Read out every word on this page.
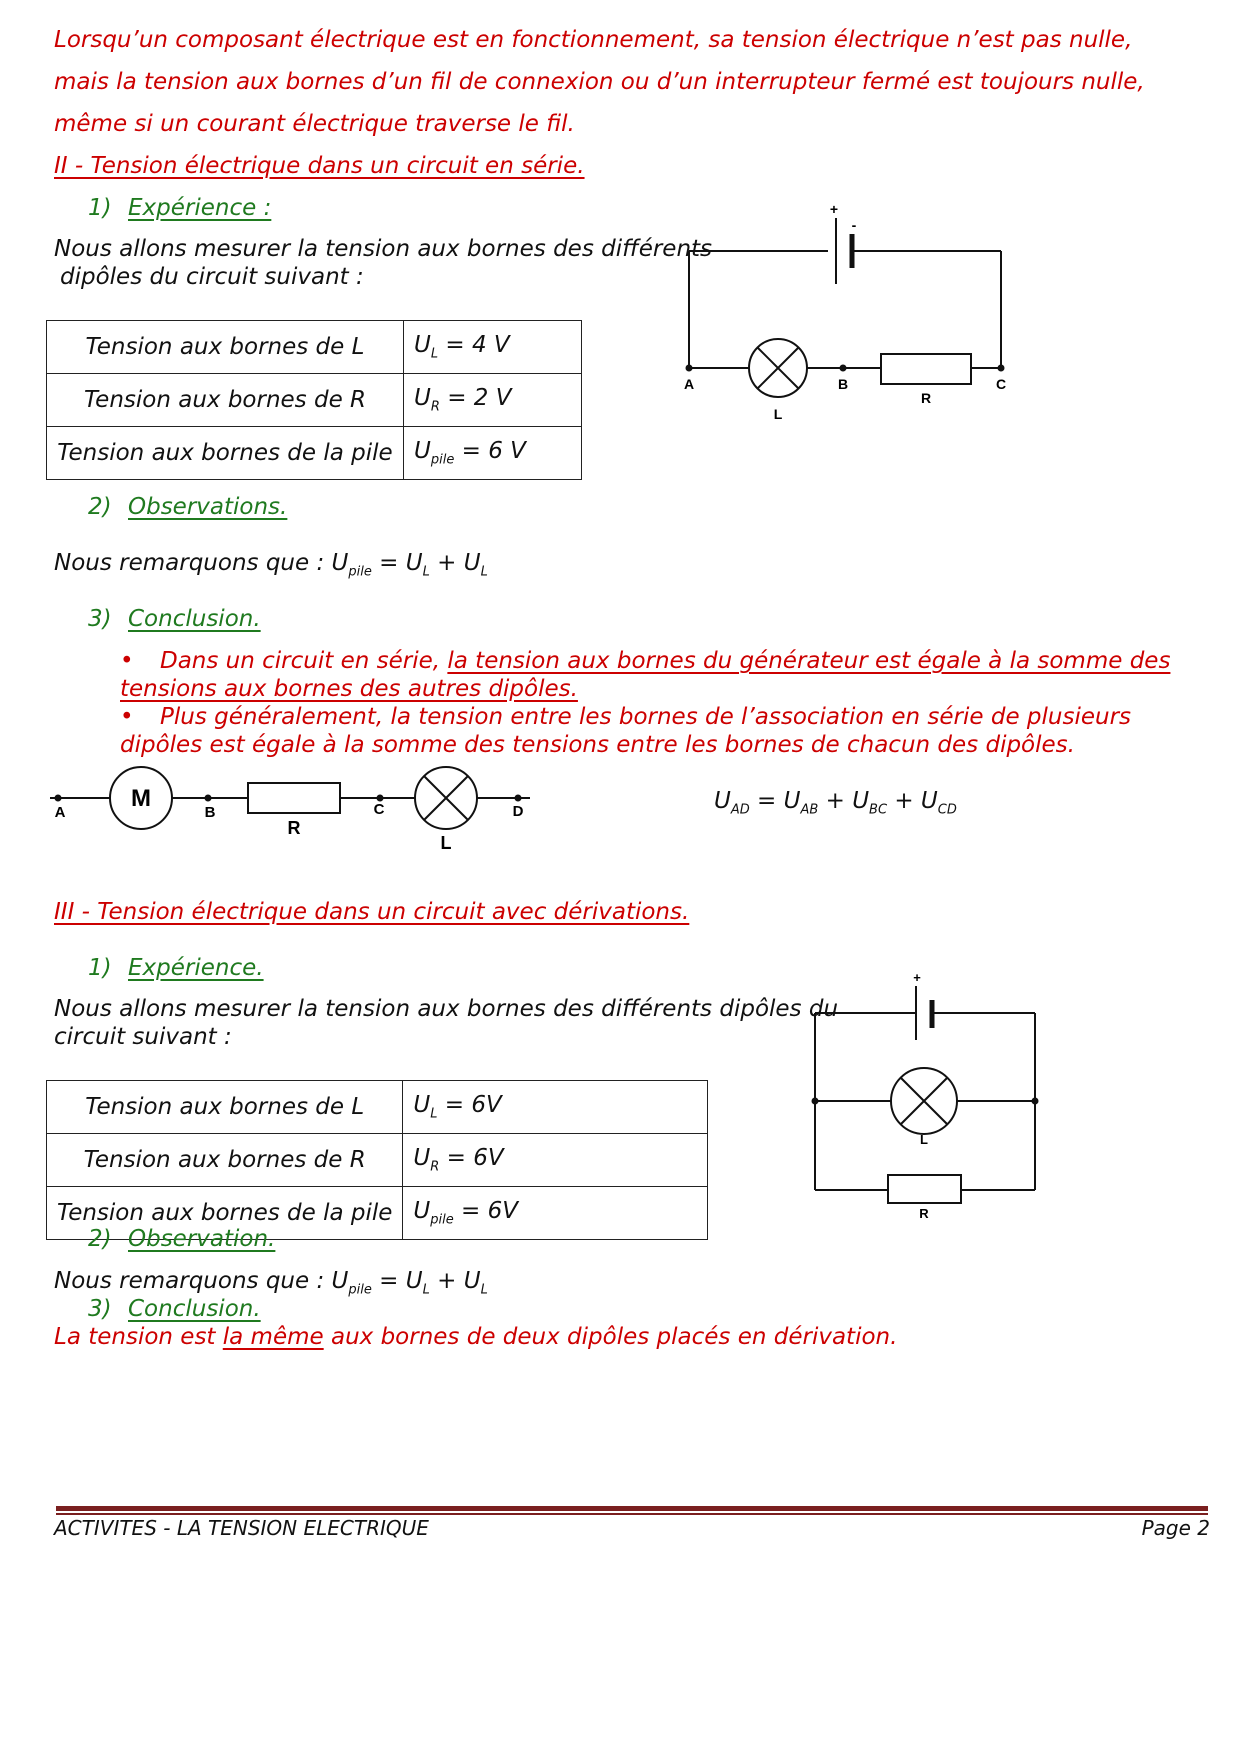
Lorsqu’un composant électrique est en fonctionnement, sa tension électrique n’est pas nulle,
mais la tension aux bornes d’un fil de connexion ou d’un interrupteur fermé est toujours nulle,
même si un courant électrique traverse le fil.
II - Tension électrique dans un circuit en série.
1) Expérience :
Nous allons mesurer la tension aux bornes des différents
dipôles du circuit suivant :
Tension aux bornes de L	$U_L = 4$ V
Tension aux bornes de R	$U_R = 2$ V
Tension aux bornes de la pile	$U_{pile} = 6$ V
+
-
A	B	C
L
R
2) Observations.
Nous remarquons que : $U_{pile} = U_L + U_L$
3) Conclusion.
• Dans un circuit en série, la tension aux bornes du générateur est égale à la somme des
tensions aux bornes des autres dipôles.
• Plus généralement, la tension entre les bornes de l’association en série de plusieurs
dipôles est égale à la somme des tensions entre les bornes de chacun des dipôles.
M
A	B	C	D
R
L
$U_{AD} = U_{AB} + U_{BC} + U_{CD}$
III - Tension électrique dans un circuit avec dérivations.
1) Expérience.
Nous allons mesurer la tension aux bornes des différents dipôles du
circuit suivant :
Tension aux bornes de L	$U_L = 6V$
Tension aux bornes de R	$U_R = 6V$
Tension aux bornes de la pile	$U_{pile} = 6V$
+
L
R
2) Observation.
Nous remarquons que : $U_{pile} = U_L + U_L$
3) Conclusion.
La tension est la même aux bornes de deux dipôles placés en dérivation.
ACTIVITES - LA TENSION ELECTRIQUE	Page 2
